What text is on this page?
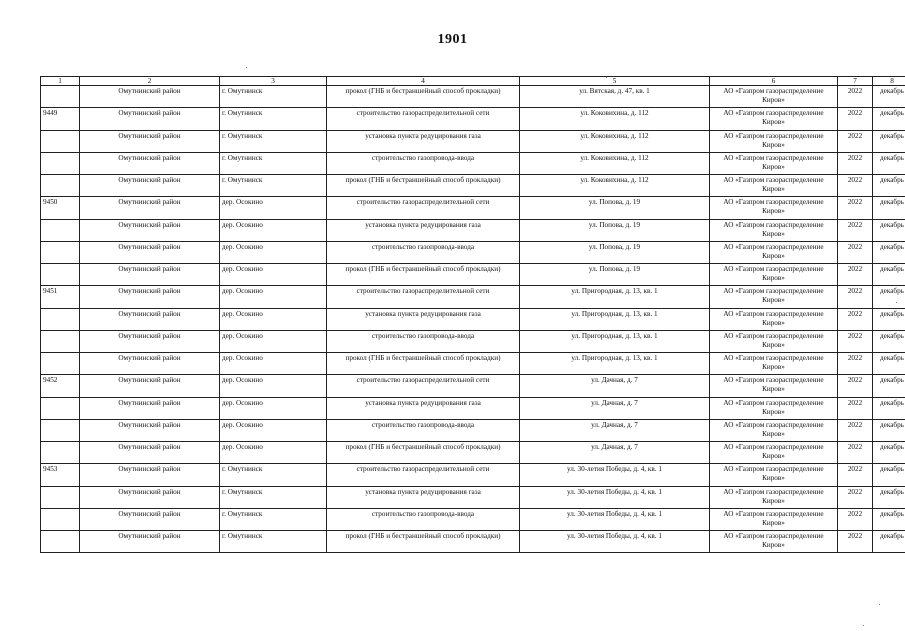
1901
1	2	3	4	5	6	7	8
	Омутнинский район	г. Омутнинск	прокол (ГНБ и бестраншейный способ прокладки)	ул. Вятская, д. 47, кв. 1	АО «Газпром газораспределение Киров»	2022	декабрь
9449	Омутнинский район	г. Омутнинск	строительство газораспределительной сети	ул. Коковихина, д. 112	АО «Газпром газораспределение Киров»	2022	декабрь
	Омутнинский район	г. Омутнинск	установка пункта редуцирования газа	ул. Коковихина, д. 112	АО «Газпром газораспределение Киров»	2022	декабрь
	Омутнинский район	г. Омутнинск	строительство газопровода-ввода	ул. Коковихина, д. 112	АО «Газпром газораспределение Киров»	2022	декабрь
	Омутнинский район	г. Омутнинск	прокол (ГНБ и бестраншейный способ прокладки)	ул. Коковихина, д. 112	АО «Газпром газораспределение Киров»	2022	декабрь
9450	Омутнинский район	дер. Осокино	строительство газораспределительной сети	ул. Попова, д. 19	АО «Газпром газораспределение Киров»	2022	декабрь
	Омутнинский район	дер. Осокино	установка пункта редуцирования газа	ул. Попова, д. 19	АО «Газпром газораспределение Киров»	2022	декабрь
	Омутнинский район	дер. Осокино	строительство газопровода-ввода	ул. Попова, д. 19	АО «Газпром газораспределение Киров»	2022	декабрь
	Омутнинский район	дер. Осокино	прокол (ГНБ и бестраншейный способ прокладки)	ул. Попова, д. 19	АО «Газпром газораспределение Киров»	2022	декабрь
9451	Омутнинский район	дер. Осокино	строительство газораспределительной сети	ул. Пригородная, д. 13, кв. 1	АО «Газпром газораспределение Киров»	2022	декабрь
	Омутнинский район	дер. Осокино	установка пункта редуцирования газа	ул. Пригородная, д. 13, кв. 1	АО «Газпром газораспределение Киров»	2022	декабрь
	Омутнинский район	дер. Осокино	строительство газопровода-ввода	ул. Пригородная, д. 13, кв. 1	АО «Газпром газораспределение Киров»	2022	декабрь
	Омутнинский район	дер. Осокино	прокол (ГНБ и бестраншейный способ прокладки)	ул. Пригородная, д. 13, кв. 1	АО «Газпром газораспределение Киров»	2022	декабрь
9452	Омутнинский район	дер. Осокино	строительство газораспределительной сети	ул. Дачная, д. 7	АО «Газпром газораспределение Киров»	2022	декабрь
	Омутнинский район	дер. Осокино	установка пункта редуцирования газа	ул. Дачная, д. 7	АО «Газпром газораспределение Киров»	2022	декабрь
	Омутнинский район	дер. Осокино	строительство газопровода-ввода	ул. Дачная, д. 7	АО «Газпром газораспределение Киров»	2022	декабрь
	Омутнинский район	дер. Осокино	прокол (ГНБ и бестраншейный способ прокладки)	ул. Дачная, д. 7	АО «Газпром газораспределение Киров»	2022	декабрь
9453	Омутнинский район	г. Омутнинск	строительство газораспределительной сети	ул. 30-летия Победы, д. 4, кв. 1	АО «Газпром газораспределение Киров»	2022	декабрь
	Омутнинский район	г. Омутнинск	установка пункта редуцирования газа	ул. 30-летия Победы, д. 4, кв. 1	АО «Газпром газораспределение Киров»	2022	декабрь
	Омутнинский район	г. Омутнинск	строительство газопровода-ввода	ул. 30-летия Победы, д. 4, кв. 1	АО «Газпром газораспределение Киров»	2022	декабрь
	Омутнинский район	г. Омутнинск	прокол (ГНБ и бестраншейный способ прокладки)	ул. 30-летия Победы, д. 4, кв. 1	АО «Газпром газораспределение Киров»	2022	декабрь
